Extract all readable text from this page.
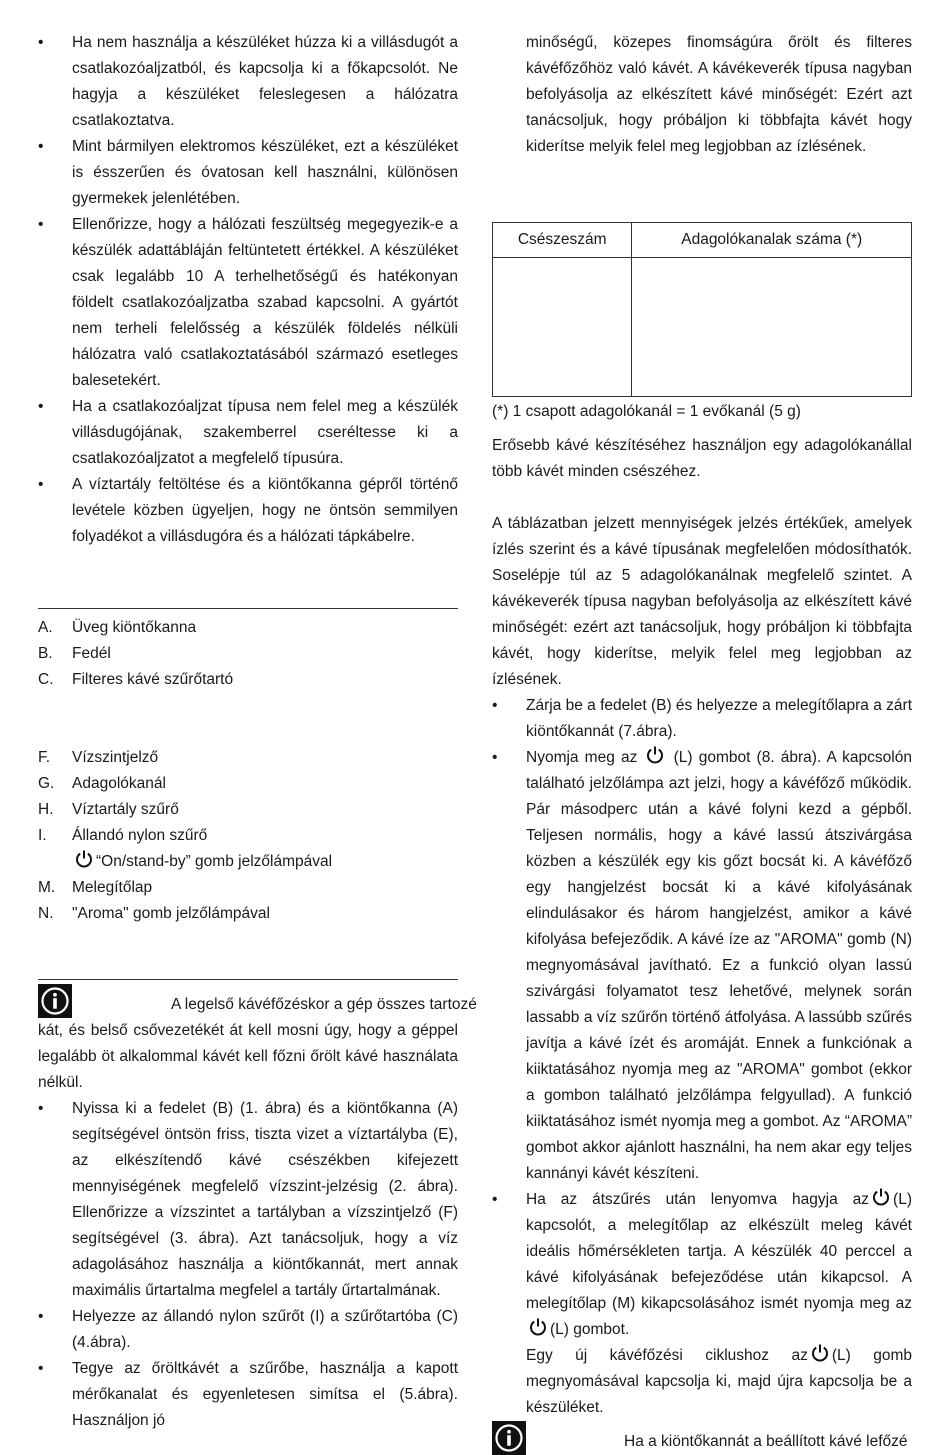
• Ha nem használja a készüléket húzza ki a villásdugót a csatlakozóaljzatból, és kapcsolja ki a főkapcsolót. Ne hagyja a készüléket feleslegesen a hálózatra csatlakoztatva.
• Mint bármilyen elektromos készüléket, ezt a készüléket is ésszerűen és óvatosan kell használni, különösen gyermekek jelenlétében.
• Ellenőrizze, hogy a hálózati feszültség megegyezik-e a készülék adattábláján feltüntetett értékkel. A készüléket csak legalább 10 A terhelhetőségű és hatékonyan földelt csatlakozóaljzatba szabad kapcsolni. A gyártót nem terheli felelősség a készülék földelés nélküli hálózatra való csatlakoztatásából származó esetleges balesetekért.
• Ha a csatlakozóaljzat típusa nem felel meg a készülék villásdugójának, szakemberrel cseréltesse ki a csatlakozóaljzatot a megfelelő típusúra.
• A víztartály feltöltése és a kiöntőkanna gépről történő levétele közben ügyeljen, hogy ne öntsön semmilyen folyadékot a villásdugóra és a hálózati tápkábelre.
A. Üveg kiöntőkanna
B. Fedél
C. Filteres kávé szűrőtartó
F. Vízszintjelző
G. Adagolókanál
H. Víztartály szűrő
I. Állandó nylon szűrő
“On/stand-by” gomb jelzőlámpával
M. Melegítőlap
N. "Aroma" gomb jelzőlámpával
A legelső kávéfőzéskor a gép összes tartozé
kát, és belső csővezetékét át kell mosni úgy, hogy a géppel legalább öt alkalommal kávét kell főzni őrölt kávé használata nélkül.
• Nyissa ki a fedelet (B) (1. ábra) és a kiöntőkanna (A) segítségével öntsön friss, tiszta vizet a víztartályba (E), az elkészítendő kávé csészékben kifejezett mennyiségének megfelelő vízszint-jelzésig (2. ábra). Ellenőrizze a vízszintet a tartályban a vízszintjelző (F) segítségével (3. ábra). Azt tanácsoljuk, hogy a víz adagolásához használja a kiöntőkannát, mert annak maximális űrtartalma megfelel a tartály űrtartalmának.
• Helyezze az állandó nylon szűrőt (I) a szűrőtartóba (C) (4.ábra).
• Tegye az őröltkávét a szűrőbe, használja a kapott mérőkanalat és egyenletesen simítsa el (5.ábra). Használjon jó
minőségű, közepes finomságúra őrölt és filteres kávéfőzőhöz való kávét. A kávékeverék típusa nagyban befolyásolja az elkészített kávé minőségét: Ezért azt tanácsoljuk, hogy próbáljon ki többfajta kávét hogy kiderítse melyik felel meg legjobban az ízlésének.
Csészeszám	Adagolókanalak száma (*)

(*) 1 csapott adagolókanál = 1 evőkanál (5 g)
Erősebb kávé készítéséhez használjon egy adagolókanállal több kávét minden csészéhez.
A táblázatban jelzett mennyiségek jelzés értékűek, amelyek ízlés szerint és a kávé típusának megfelelően módosíthatók. Soselépje túl az 5 adagolókanálnak megfelelő szintet. A kávékeverék típusa nagyban befolyásolja az elkészített kávé minőségét: ezért azt tanácsoljuk, hogy próbáljon ki többfajta kávét, hogy kiderítse, melyik felel meg legjobban az ízlésének.
• Zárja be a fedelet (B) és helyezze a melegítőlapra a zárt kiöntőkannát (7.ábra).
• Nyomja meg az (L) gombot (8. ábra). A kapcsolón található jelzőlámpa azt jelzi, hogy a kávéfőző működik. Pár másodperc után a kávé folyni kezd a gépből. Teljesen normális, hogy a kávé lassú átszivárgása közben a készülék egy kis gőzt bocsát ki. A kávéfőző egy hangjelzést bocsát ki a kávé kifolyásának elindulásakor és három hangjelzést, amikor a kávé kifolyása befejeződik. A kávé íze az "AROMA" gomb (N) megnyomásával javítható. Ez a funkció olyan lassú szivárgási folyamatot tesz lehetővé, melynek során lassabb a víz szűrőn történő átfolyása. A lassúbb szűrés javítja a kávé ízét és aromáját. Ennek a funkciónak a kiiktatásához nyomja meg az "AROMA" gombot (ekkor a gombon található jelzőlámpa felgyullad). A funkció kiiktatásához ismét nyomja meg a gombot. Az “AROMA” gombot akkor ajánlott használni, ha nem akar egy teljes kannányi kávét készíteni.
• Ha az átszűrés után lenyomva hagyja az (L) kapcsolót, a melegítőlap az elkészült meleg kávét ideális hőmérsékleten tartja. A készülék 40 perccel a kávé kifolyásának befejeződése után kikapcsol. A melegítőlap (M) kikapcsolásához ismét nyomja meg az(L) gombot.
Egy új kávéfőzési ciklushoz az (L) gomb megnyomásával kapcsolja ki, majd újra kapcsolja be a készüléket.
Ha a kiöntőkannát a beállított kávé lefőzé
